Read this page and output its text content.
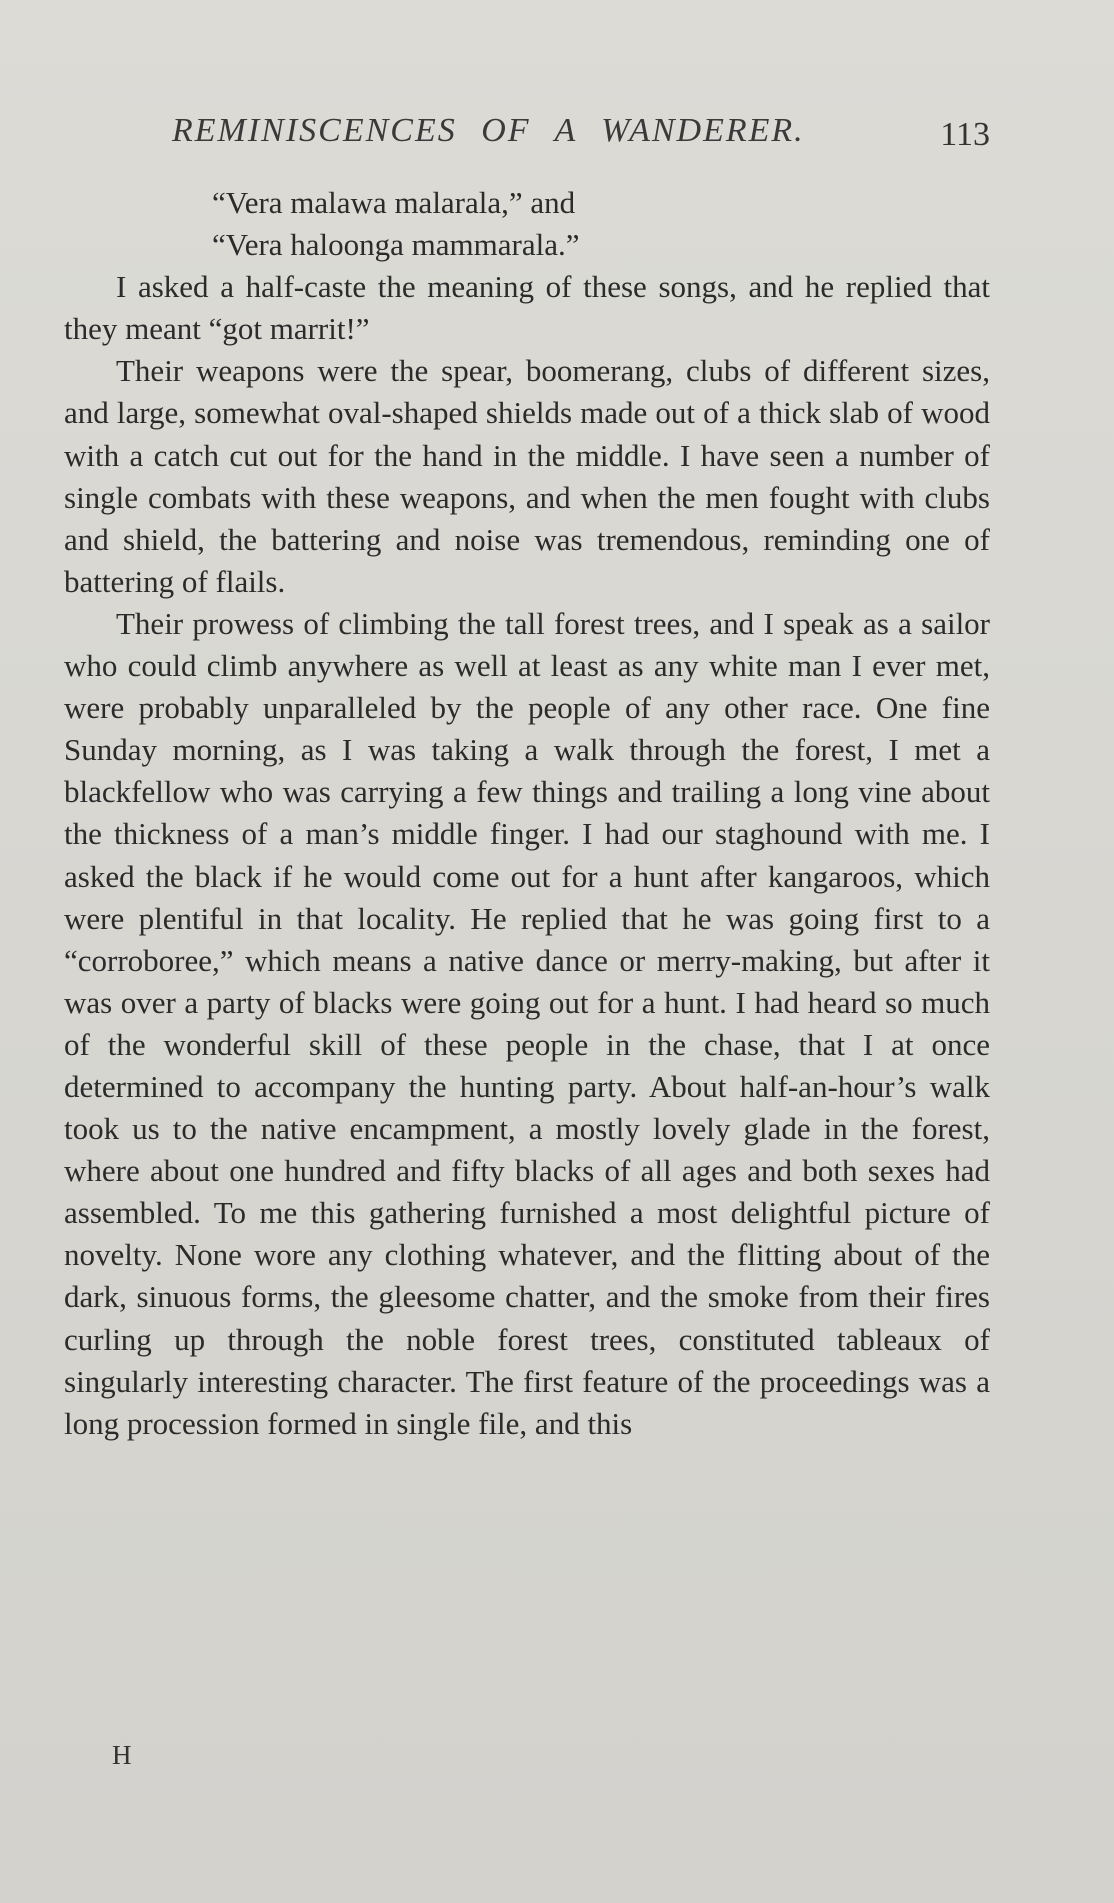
REMINISCENCES OF A WANDERER.	113

“Vera malawa malarala,” and

“Vera haloonga mammarala.”

I asked a half-caste the meaning of these songs, and he replied that they meant “got marrit!”

Their weapons were the spear, boomerang, clubs of different sizes, and large, somewhat oval-shaped shields made out of a thick slab of wood with a catch cut out for the hand in the middle. I have seen a number of single combats with these weapons, and when the men fought with clubs and shield, the battering and noise was tremendous, reminding one of battering of flails.

Their prowess of climbing the tall forest trees, and I speak as a sailor who could climb anywhere as well at least as any white man I ever met, were probably unparalleled by the people of any other race. One fine Sunday morning, as I was taking a walk through the forest, I met a blackfellow who was carrying a few things and trailing a long vine about the thickness of a man’s middle finger. I had our staghound with me. I asked the black if he would come out for a hunt after kangaroos, which were plentiful in that locality. He replied that he was going first to a “corroboree,” which means a native dance or merry-making, but after it was over a party of blacks were going out for a hunt. I had heard so much of the wonderful skill of these people in the chase, that I at once determined to accompany the hunting party. About half-an-hour’s walk took us to the native encampment, a mostly lovely glade in the forest, where about one hundred and fifty blacks of all ages and both sexes had assembled. To me this gathering furnished a most delightful picture of novelty. None wore any clothing whatever, and the flitting about of the dark, sinuous forms, the gleesome chatter, and the smoke from their fires curling up through the noble forest trees, constituted tableaux of singularly interesting character. The first feature of the proceedings was a long procession formed in single file, and this

H
